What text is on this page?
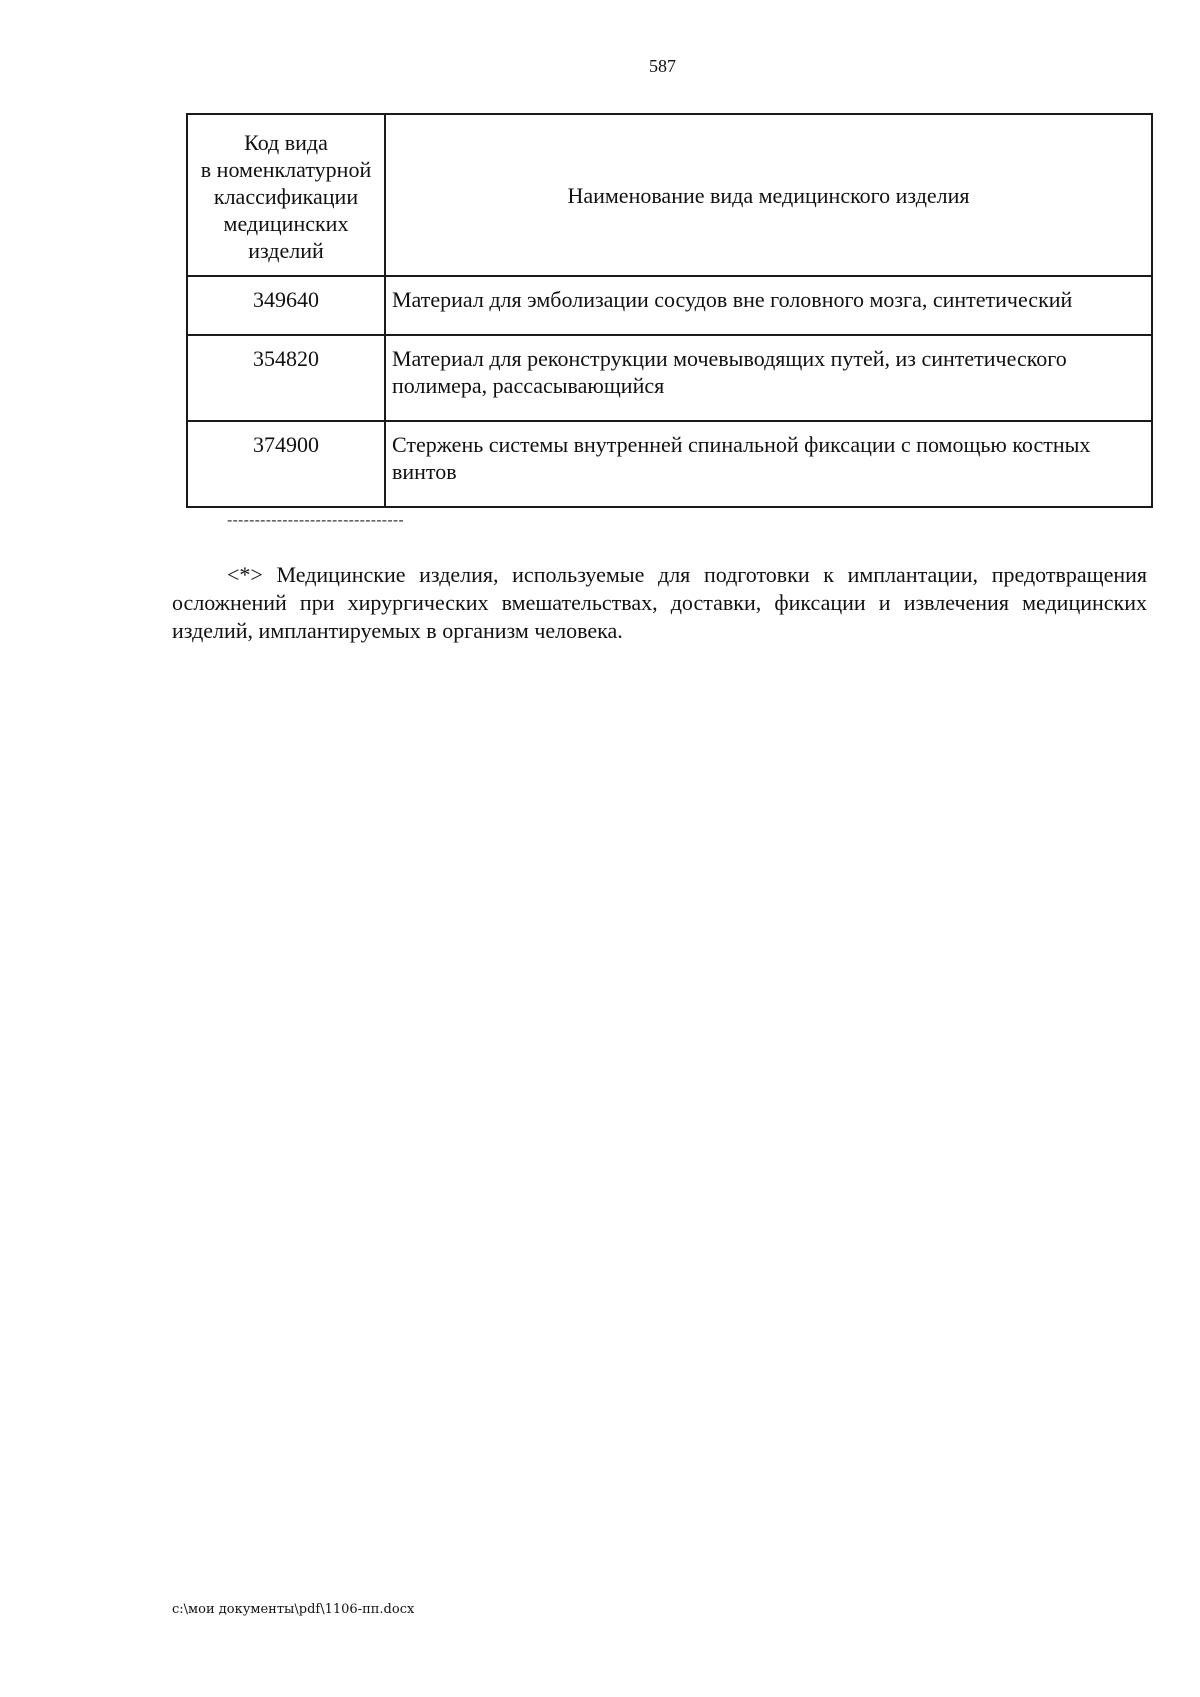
587
Код вида
в номенклатурной
классификации
медицинских
изделий	Наименование вида медицинского изделия
349640	Материал для эмболизации сосудов вне головного мозга, синтетический
354820	Материал для реконструкции мочевыводящих путей, из синтетического полимера, рассасывающийся
374900	Стержень системы внутренней спинальной фиксации с помощью костных винтов
--------------------------------

<*> Медицинские изделия, используемые для подготовки к имплантации, предотвращения осложнений при хирургических вмешательствах, доставки, фиксации и извлечения медицинских изделий, имплантируемых в организм человека.

c:\мои документы\pdf\1106-пп.docx
